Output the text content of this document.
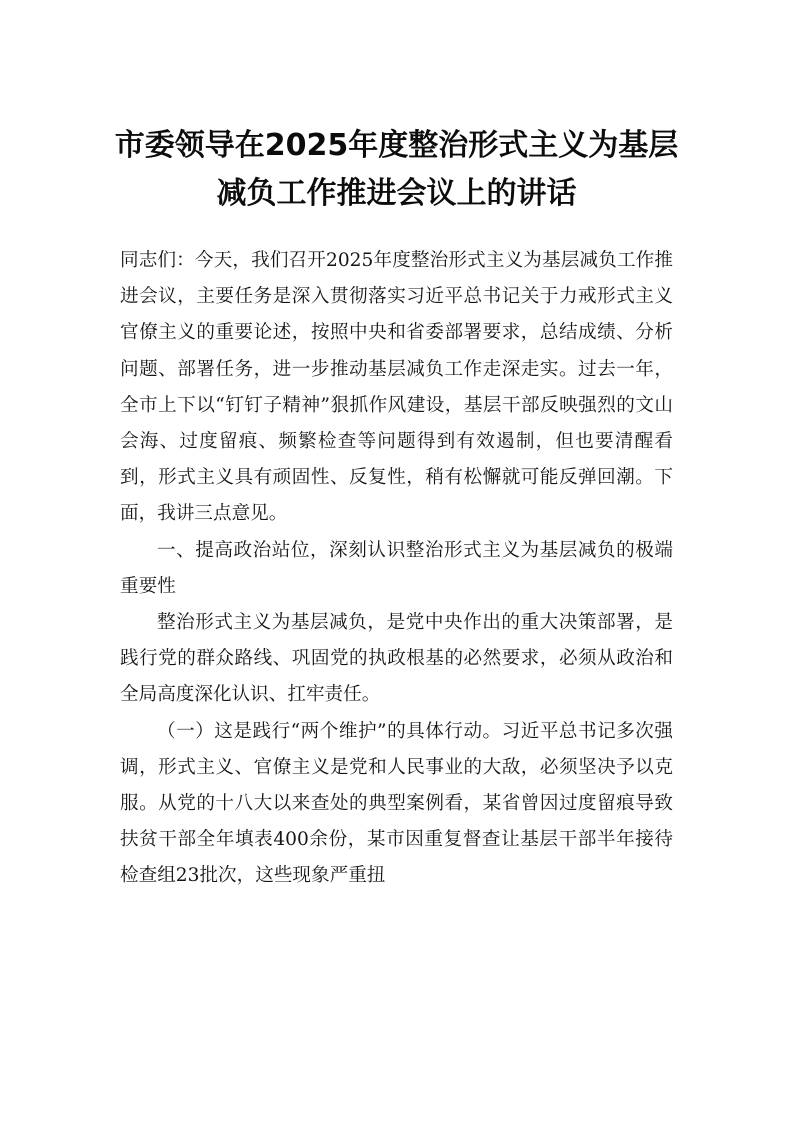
市委领导在2025年度整治形式主义为基层
减负工作推进会议上的讲话

同志们：今天，我们召开2025年度整治形式主义为基层减负工作推进会议，主要任务是深入贯彻落实习近平总书记关于力戒形式主义官僚主义的重要论述，按照中央和省委部署要求，总结成绩、分析问题、部署任务，进一步推动基层减负工作走深走实。过去一年，全市上下以“钉钉子精神”狠抓作风建设，基层干部反映强烈的文山会海、过度留痕、频繁检查等问题得到有效遏制，但也要清醒看到，形式主义具有顽固性、反复性，稍有松懈就可能反弹回潮。下面，我讲三点意见。

一、提高政治站位，深刻认识整治形式主义为基层减负的极端重要性

整治形式主义为基层减负，是党中央作出的重大决策部署，是践行党的群众路线、巩固党的执政根基的必然要求，必须从政治和全局高度深化认识、扛牢责任。

（一）这是践行“两个维护”的具体行动。习近平总书记多次强调，形式主义、官僚主义是党和人民事业的大敌，必须坚决予以克服。从党的十八大以来查处的典型案例看，某省曾因过度留痕导致扶贫干部全年填表400余份，某市因重复督查让基层干部半年接待检查组23批次，这些现象严重扭
